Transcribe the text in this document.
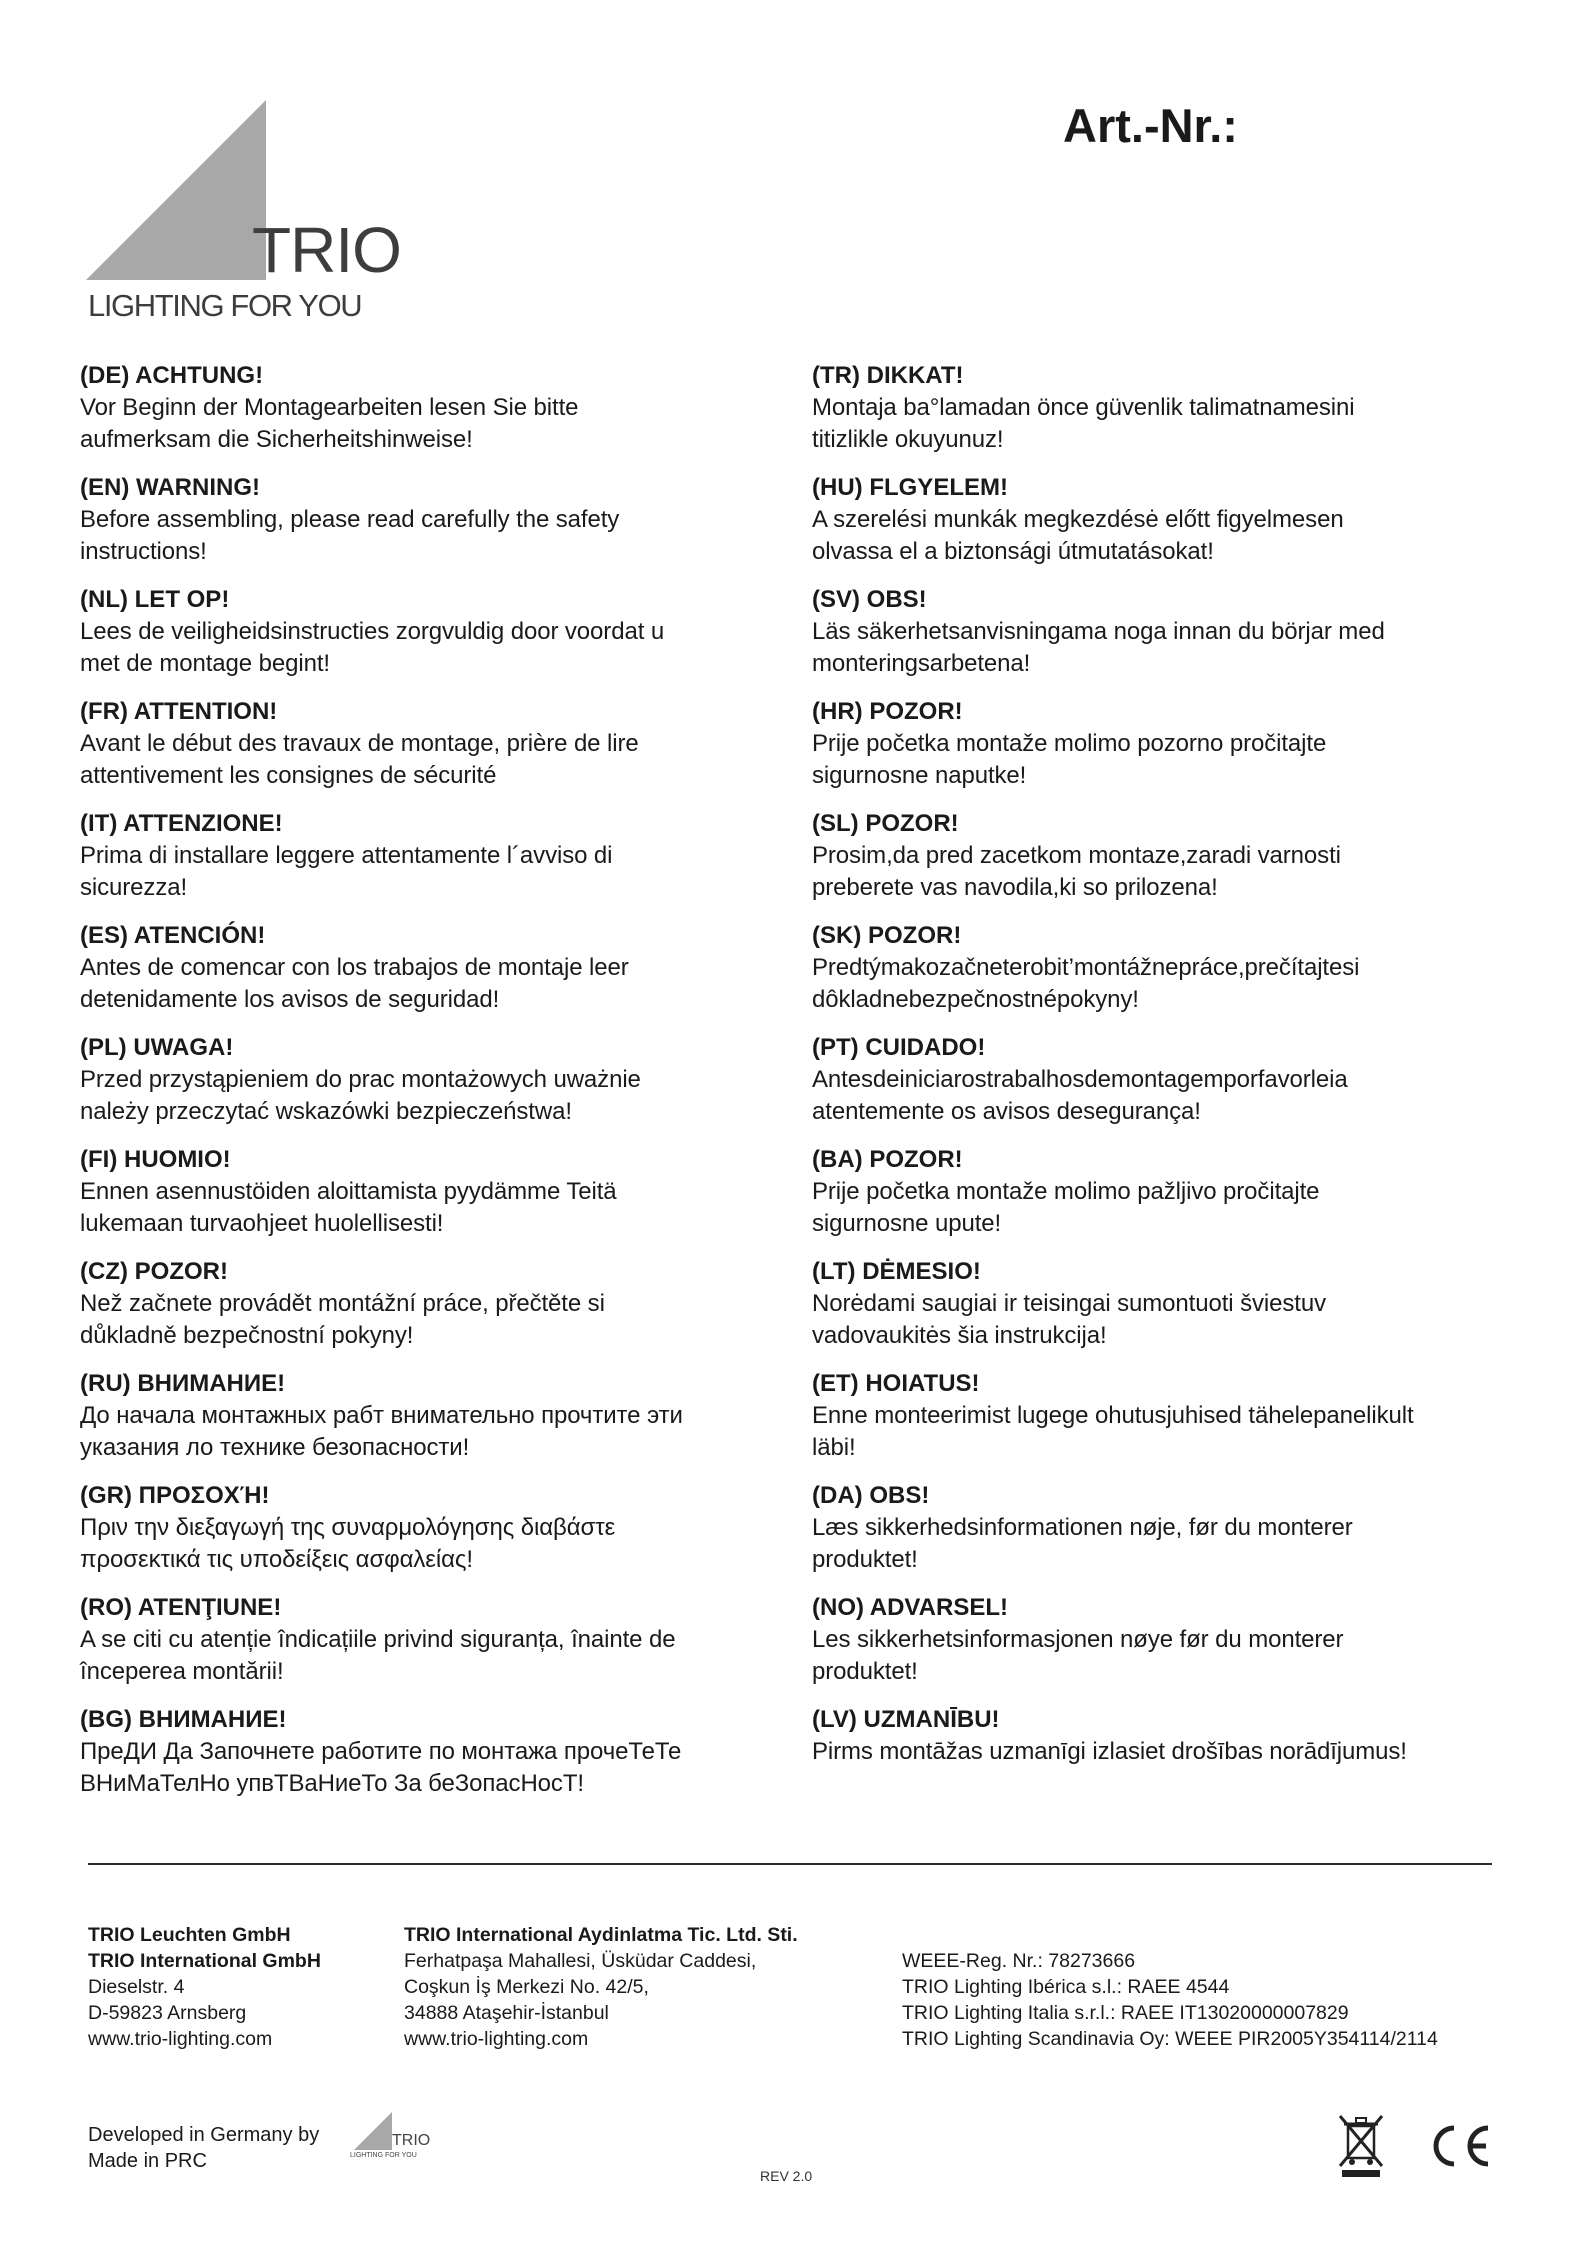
TRIO
LIGHTING FOR YOU
Art.-Nr.:
(DE) ACHTUNG!
Vor Beginn der Montagearbeiten lesen Sie bitte
aufmerksam die Sicherheitshinweise!
(EN) WARNING!
Before assembling, please read carefully the safety
instructions!
(NL) LET OP!
Lees de veiligheidsinstructies zorgvuldig door voordat u
met de montage begint!
(FR) ATTENTION!
Avant le début des travaux de montage, prière de lire
attentivement les consignes de sécurité
(IT) ATTENZIONE!
Prima di installare leggere attentamente l´avviso di
sicurezza!
(ES) ATENCIÓN!
Antes de comencar con los trabajos de montaje leer
detenidamente los avisos de seguridad!
(PL) UWAGA!
Przed przystąpieniem do prac montażowych uważnie
należy przeczytać wskazówki bezpieczeństwa!
(FI) HUOMIO!
Ennen asennustöiden aloittamista pyydämme Teitä
lukemaan turvaohjeet huolellisesti!
(CZ) POZOR!
Než začnete provádět montážní práce, přečtěte si
důkladně bezpečnostní pokyny!
(RU) ВНИМАНИЕ!
До начала монтажных рабт внимательно прочтите эти
указания ло технике безопасности!
(GR) ΠΡΟΣΟΧΉ!
Πριν την διεξαγωγή της συναρμολόγησης διαβάστε
προσεκτικά τις υποδείξεις ασφαλείας!
(RO) ATENŢIUNE!
A se citi cu atenție îndicațiile privind siguranța, înainte de
începerea montării!
(BG) ВНИМАНИЕ!
ПреДИ Да Започнете работите по монтажа прочеТеТе
ВНиМаТелНо упвТВаНиеТо За беЗопасНосТ!
(TR) DIKKAT!
Montaja ba°lamadan önce güvenlik talimatnamesini
titizlikle okuyunuz!
(HU) FLGYELEM!
A szerelési munkák megkezdésė előtt figyelmesen
olvassa el a biztonsági útmutatásokat!
(SV) OBS!
Läs säkerhetsanvisningama noga innan du börjar med
monteringsarbetena!
(HR) POZOR!
Prije početka montaže molimo pozorno pročitajte
sigurnosne naputke!
(SL) POZOR!
Prosim,da pred zacetkom montaze,zaradi varnosti
preberete vas navodila,ki so prilozena!
(SK) POZOR!
Predtýmakozačneterobit’montážnepráce,prečítajtesi
dôkladnebezpečnostnépokyny!
(PT) CUIDADO!
Antesdeiniciarostrabalhosdemontagemporfavorleia
atentemente os avisos desegurança!
(BA) POZOR!
Prije početka montaže molimo pažljivo pročitajte
sigurnosne upute!
(LT) DĖMESIO!
Norėdami saugiai ir teisingai sumontuoti šviestuv
vadovaukitės šia instrukcija!
(ET) HOIATUS!
Enne monteerimist lugege ohutusjuhised tähelepanelikult
läbi!
(DA) OBS!
Læs sikkerhedsinformationen nøje, før du monterer
produktet!
(NO) ADVARSEL!
Les sikkerhetsinformasjonen nøye før du monterer
produktet!
(LV) UZMANĪBU!
Pirms montāžas uzmanīgi izlasiet drošības norādījumus!
TRIO Leuchten GmbH
TRIO International GmbH
Dieselstr. 4
D-59823 Arnsberg
www.trio-lighting.com
TRIO International Aydinlatma Tic. Ltd. Sti.
Ferhatpaşa Mahallesi, Üsküdar Caddesi,
Coşkun İş Merkezi No. 42/5,
34888 Ataşehir-İstanbul
www.trio-lighting.com
WEEE-Reg. Nr.: 78273666
TRIO Lighting Ibérica s.l.: RAEE 4544
TRIO Lighting Italia s.r.l.: RAEE IT13020000007829
TRIO Lighting Scandinavia Oy: WEEE PIR2005Y354114/2114
Developed in Germany by
Made in PRC
TRIO
LIGHTING FOR YOU
REV 2.0
